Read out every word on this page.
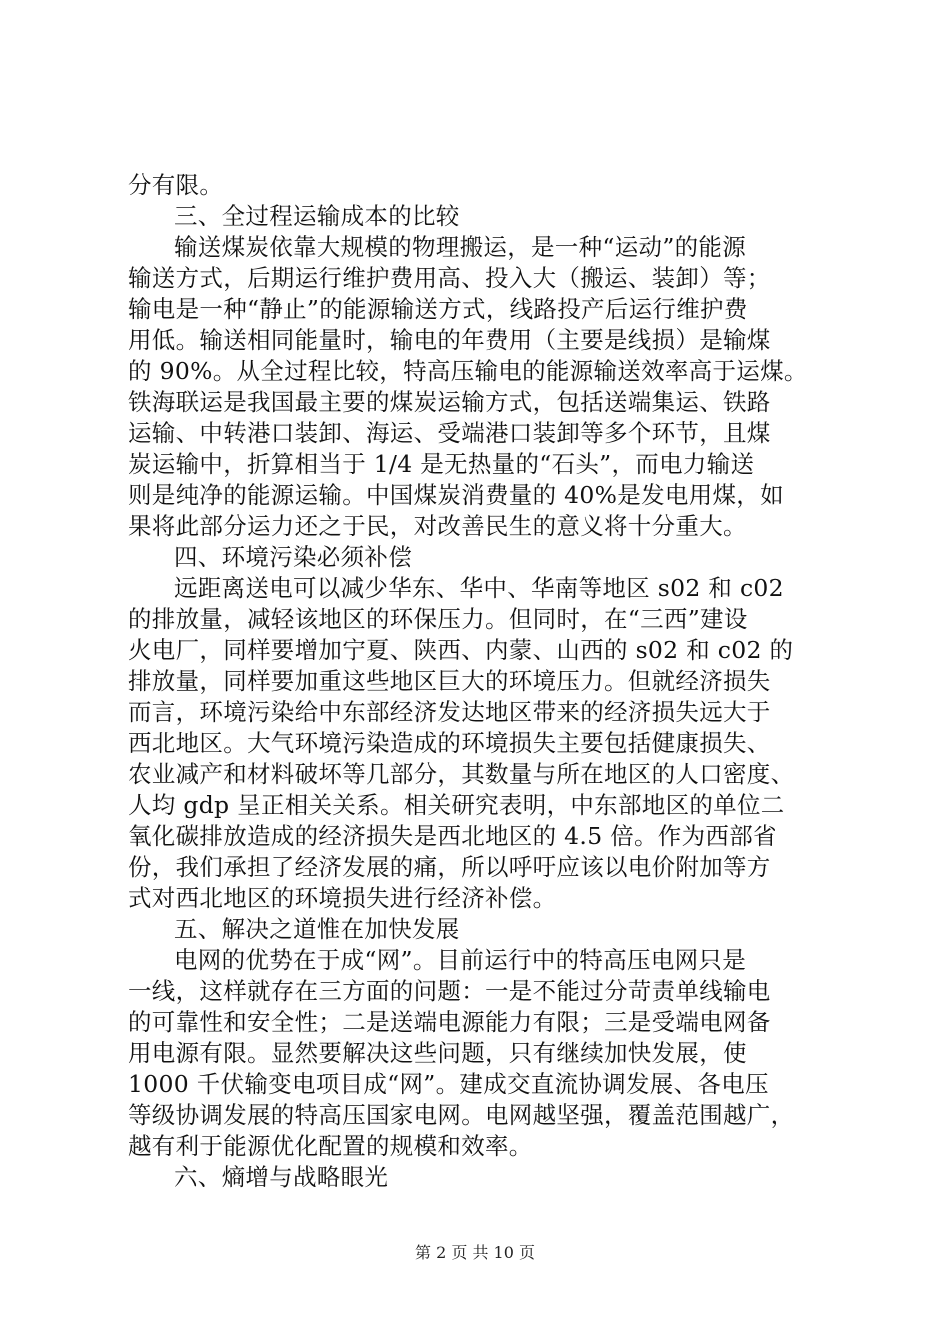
分有限。
三、全过程运输成本的比较
输送煤炭依靠大规模的物理搬运，是一种“运动”的能源
输送方式，后期运行维护费用高、投入大（搬运、装卸）等；
输电是一种“静止”的能源输送方式，线路投产后运行维护费
用低。输送相同能量时，输电的年费用（主要是线损）是输煤
的 90%。从全过程比较，特高压输电的能源输送效率高于运煤。
铁海联运是我国最主要的煤炭运输方式，包括送端集运、铁路
运输、中转港口装卸、海运、受端港口装卸等多个环节，且煤
炭运输中，折算相当于 1/4 是无热量的“石头”，而电力输送
则是纯净的能源运输。中国煤炭消费量的 40%是发电用煤，如
果将此部分运力还之于民，对改善民生的意义将十分重大。
四、环境污染必须补偿
远距离送电可以减少华东、华中、华南等地区 s02 和 c02
的排放量，减轻该地区的环保压力。但同时，在“三西”建设
火电厂，同样要增加宁夏、陕西、内蒙、山西的 s02 和 c02 的
排放量，同样要加重这些地区巨大的环境压力。但就经济损失
而言，环境污染给中东部经济发达地区带来的经济损失远大于
西北地区。大气环境污染造成的环境损失主要包括健康损失、
农业减产和材料破坏等几部分，其数量与所在地区的人口密度、
人均 gdp 呈正相关关系。相关研究表明，中东部地区的单位二
氧化碳排放造成的经济损失是西北地区的 4.5 倍。作为西部省
份，我们承担了经济发展的痛，所以呼吁应该以电价附加等方
式对西北地区的环境损失进行经济补偿。
五、解决之道惟在加快发展
电网的优势在于成“网”。目前运行中的特高压电网只是
一线，这样就存在三方面的问题：一是不能过分苛责单线输电
的可靠性和安全性；二是送端电源能力有限；三是受端电网备
用电源有限。显然要解决这些问题，只有继续加快发展，使
1000 千伏输变电项目成“网”。建成交直流协调发展、各电压
等级协调发展的特高压国家电网。电网越坚强，覆盖范围越广，
越有利于能源优化配置的规模和效率。
六、熵增与战略眼光
第 2 页 共 10 页
